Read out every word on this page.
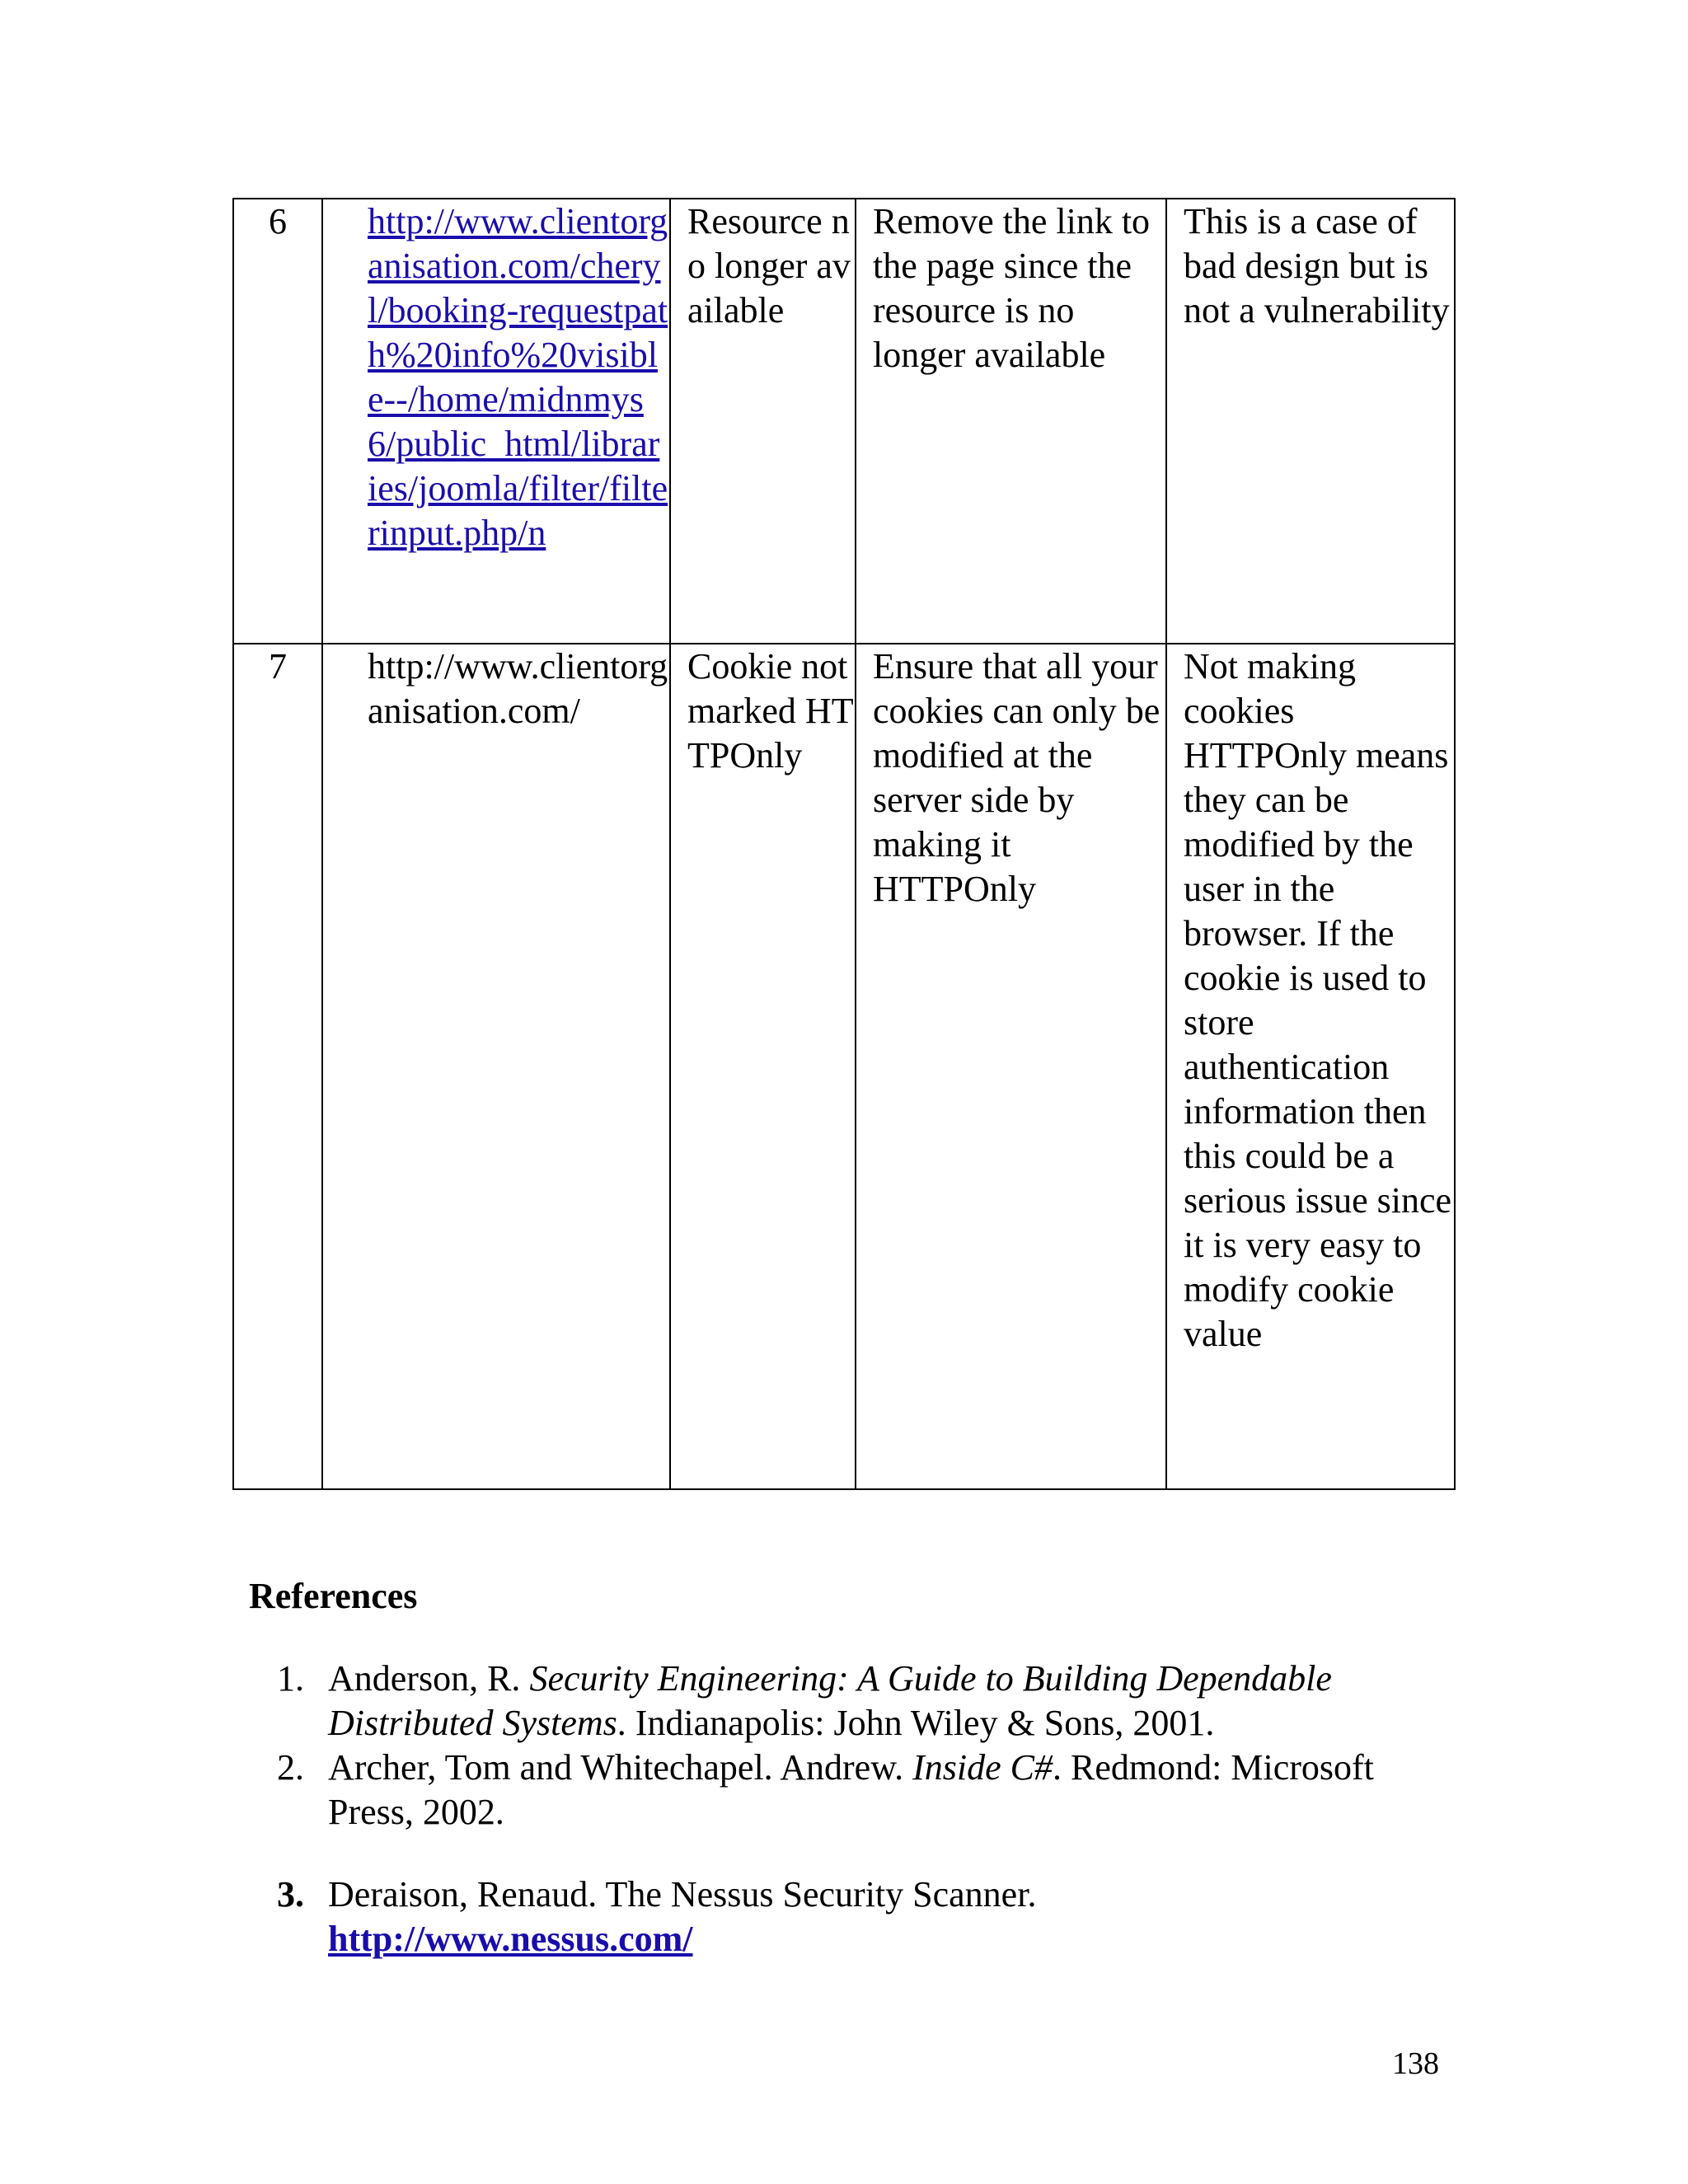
6	http://www.clientorganisation.com/cheryl/booking-requestpath%20info%20visible--/home/midnmys6/public_html/libraries/joomla/filter/filterinput.php/n	Resource no longer available	Remove the link to the page since the resource is no longer available	This is a case of bad design but is not a vulnerability

7	http://www.clientorganisation.com/	Cookie not marked HTTPOnly	Ensure that all your cookies can only be modified at the server side by making it HTTPOnly	Not making cookies HTTPOnly means they can be modified by the user in the browser. If the cookie is used to store authentication information then this could be a serious issue since it is very easy to modify cookie value
References
1. Anderson, R. Security Engineering: A Guide to Building Dependable Distributed Systems. Indianapolis: John Wiley & Sons, 2001.
2. Archer, Tom and Whitechapel. Andrew. Inside C#. Redmond: Microsoft Press, 2002.
3. Deraison, Renaud. The Nessus Security Scanner.
http://www.nessus.com/
138
